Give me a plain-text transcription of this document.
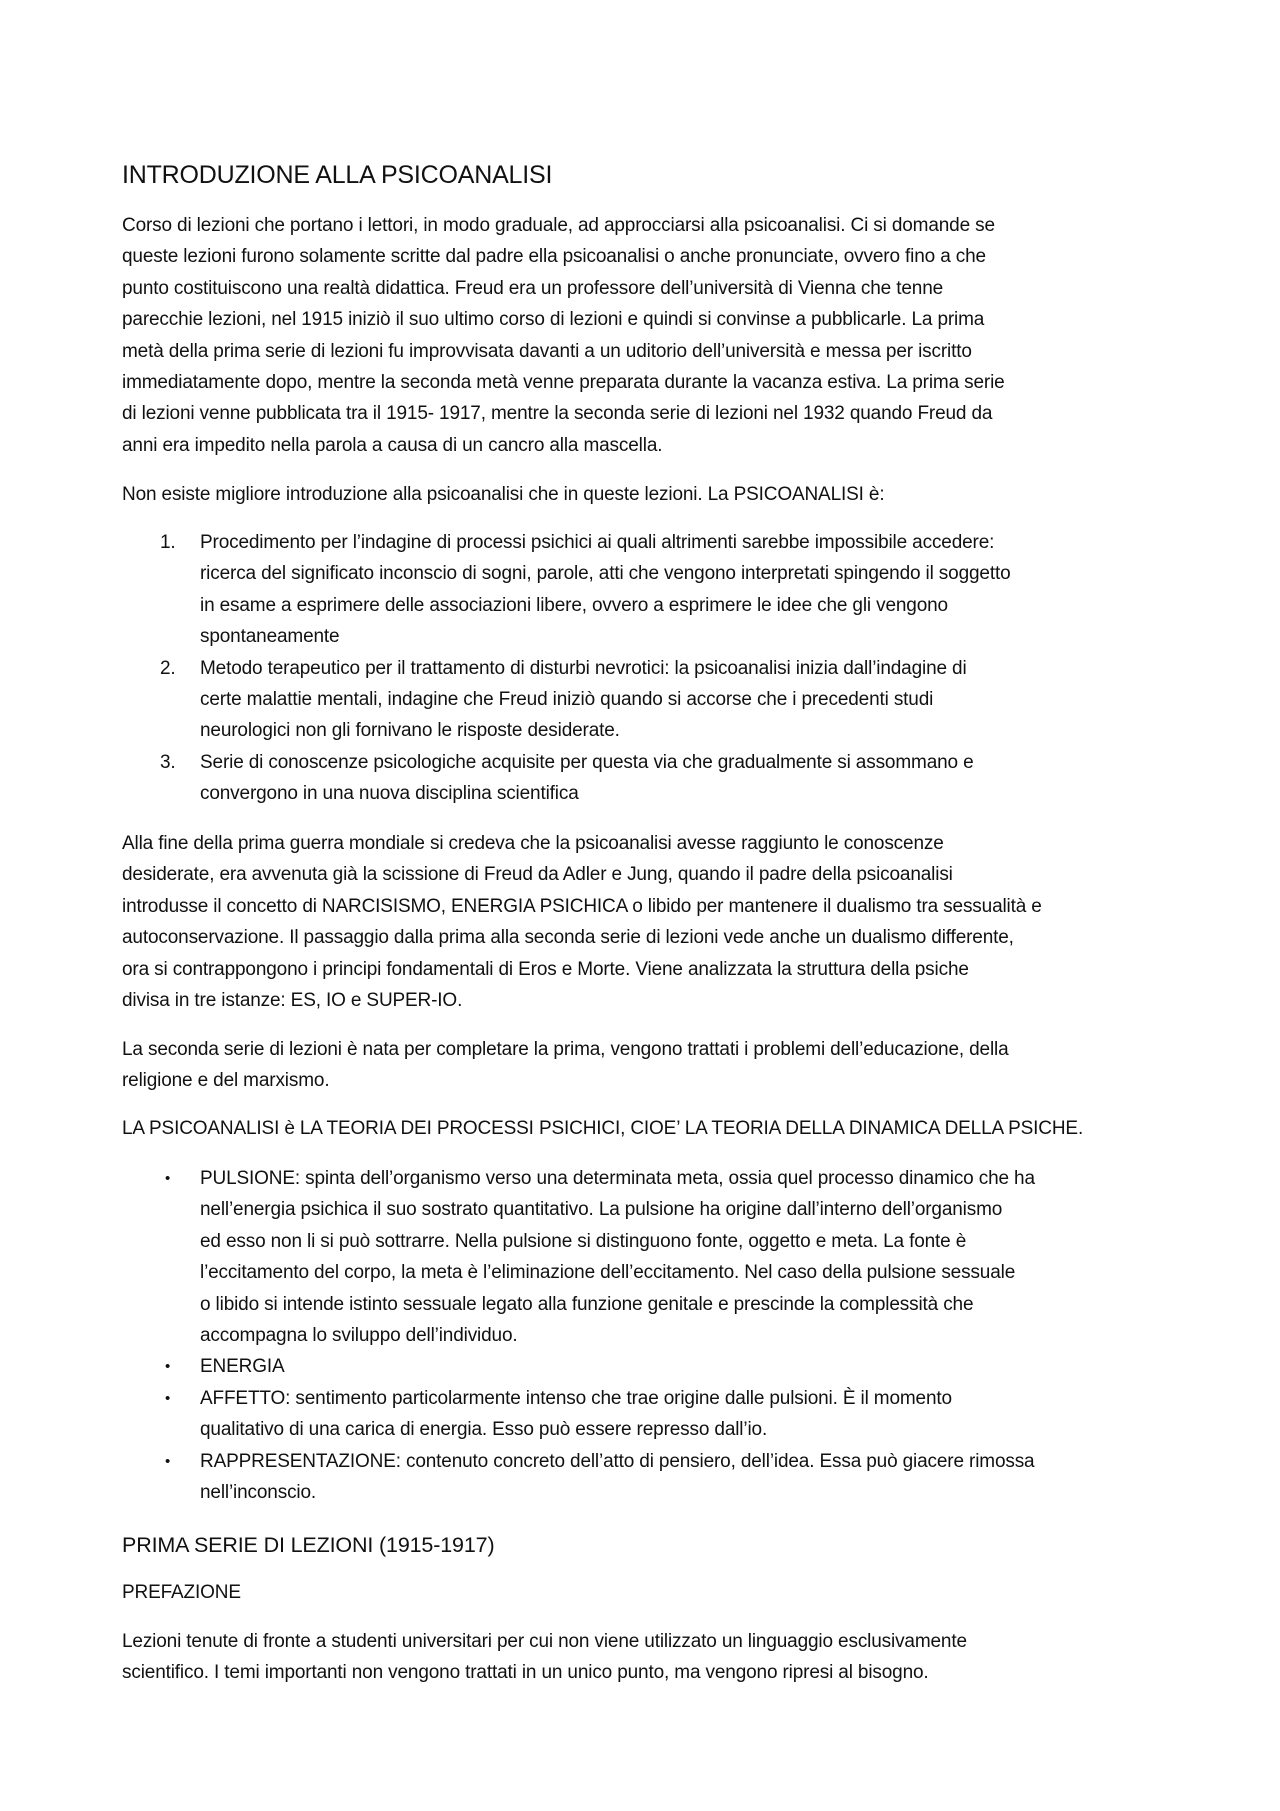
INTRODUZIONE ALLA PSICOANALISI
Corso di lezioni che portano i lettori, in modo graduale, ad approcciarsi alla psicoanalisi. Ci si domande se
queste lezioni furono solamente scritte dal padre ella psicoanalisi o anche pronunciate, ovvero fino a che
punto costituiscono una realtà didattica. Freud era un professore dell’università di Vienna che tenne
parecchie lezioni, nel 1915 iniziò il suo ultimo corso di lezioni e quindi si convinse a pubblicarle. La prima
metà della prima serie di lezioni fu improvvisata davanti a un uditorio dell’università e messa per iscritto
immediatamente dopo, mentre la seconda metà venne preparata durante la vacanza estiva. La prima serie
di lezioni venne pubblicata tra il 1915- 1917, mentre la seconda serie di lezioni nel 1932 quando Freud da
anni era impedito nella parola a causa di un cancro alla mascella.
Non esiste migliore introduzione alla psicoanalisi che in queste lezioni. La PSICOANALISI è:
1. Procedimento per l’indagine di processi psichici ai quali altrimenti sarebbe impossibile accedere:
ricerca del significato inconscio di sogni, parole, atti che vengono interpretati spingendo il soggetto
in esame a esprimere delle associazioni libere, ovvero a esprimere le idee che gli vengono
spontaneamente
2. Metodo terapeutico per il trattamento di disturbi nevrotici: la psicoanalisi inizia dall’indagine di
certe malattie mentali, indagine che Freud iniziò quando si accorse che i precedenti studi
neurologici non gli fornivano le risposte desiderate.
3. Serie di conoscenze psicologiche acquisite per questa via che gradualmente si assommano e
convergono in una nuova disciplina scientifica
Alla fine della prima guerra mondiale si credeva che la psicoanalisi avesse raggiunto le conoscenze
desiderate, era avvenuta già la scissione di Freud da Adler e Jung, quando il padre della psicoanalisi
introdusse il concetto di NARCISISMO, ENERGIA PSICHICA o libido per mantenere il dualismo tra sessualità e
autoconservazione. Il passaggio dalla prima alla seconda serie di lezioni vede anche un dualismo differente,
ora si contrappongono i principi fondamentali di Eros e Morte. Viene analizzata la struttura della psiche
divisa in tre istanze: ES, IO e SUPER-IO.
La seconda serie di lezioni è nata per completare la prima, vengono trattati i problemi dell’educazione, della
religione e del marxismo.
LA PSICOANALISI è LA TEORIA DEI PROCESSI PSICHICI, CIOE’ LA TEORIA DELLA DINAMICA DELLA PSICHE.
• PULSIONE: spinta dell’organismo verso una determinata meta, ossia quel processo dinamico che ha
nell’energia psichica il suo sostrato quantitativo. La pulsione ha origine dall’interno dell’organismo
ed esso non li si può sottrarre. Nella pulsione si distinguono fonte, oggetto e meta. La fonte è
l’eccitamento del corpo, la meta è l’eliminazione dell’eccitamento. Nel caso della pulsione sessuale
o libido si intende istinto sessuale legato alla funzione genitale e prescinde la complessità che
accompagna lo sviluppo dell’individuo.
• ENERGIA
• AFFETTO: sentimento particolarmente intenso che trae origine dalle pulsioni. È il momento
qualitativo di una carica di energia. Esso può essere represso dall’io.
• RAPPRESENTAZIONE: contenuto concreto dell’atto di pensiero, dell’idea. Essa può giacere rimossa
nell’inconscio.
PRIMA SERIE DI LEZIONI (1915-1917)
PREFAZIONE
Lezioni tenute di fronte a studenti universitari per cui non viene utilizzato un linguaggio esclusivamente
scientifico. I temi importanti non vengono trattati in un unico punto, ma vengono ripresi al bisogno.
